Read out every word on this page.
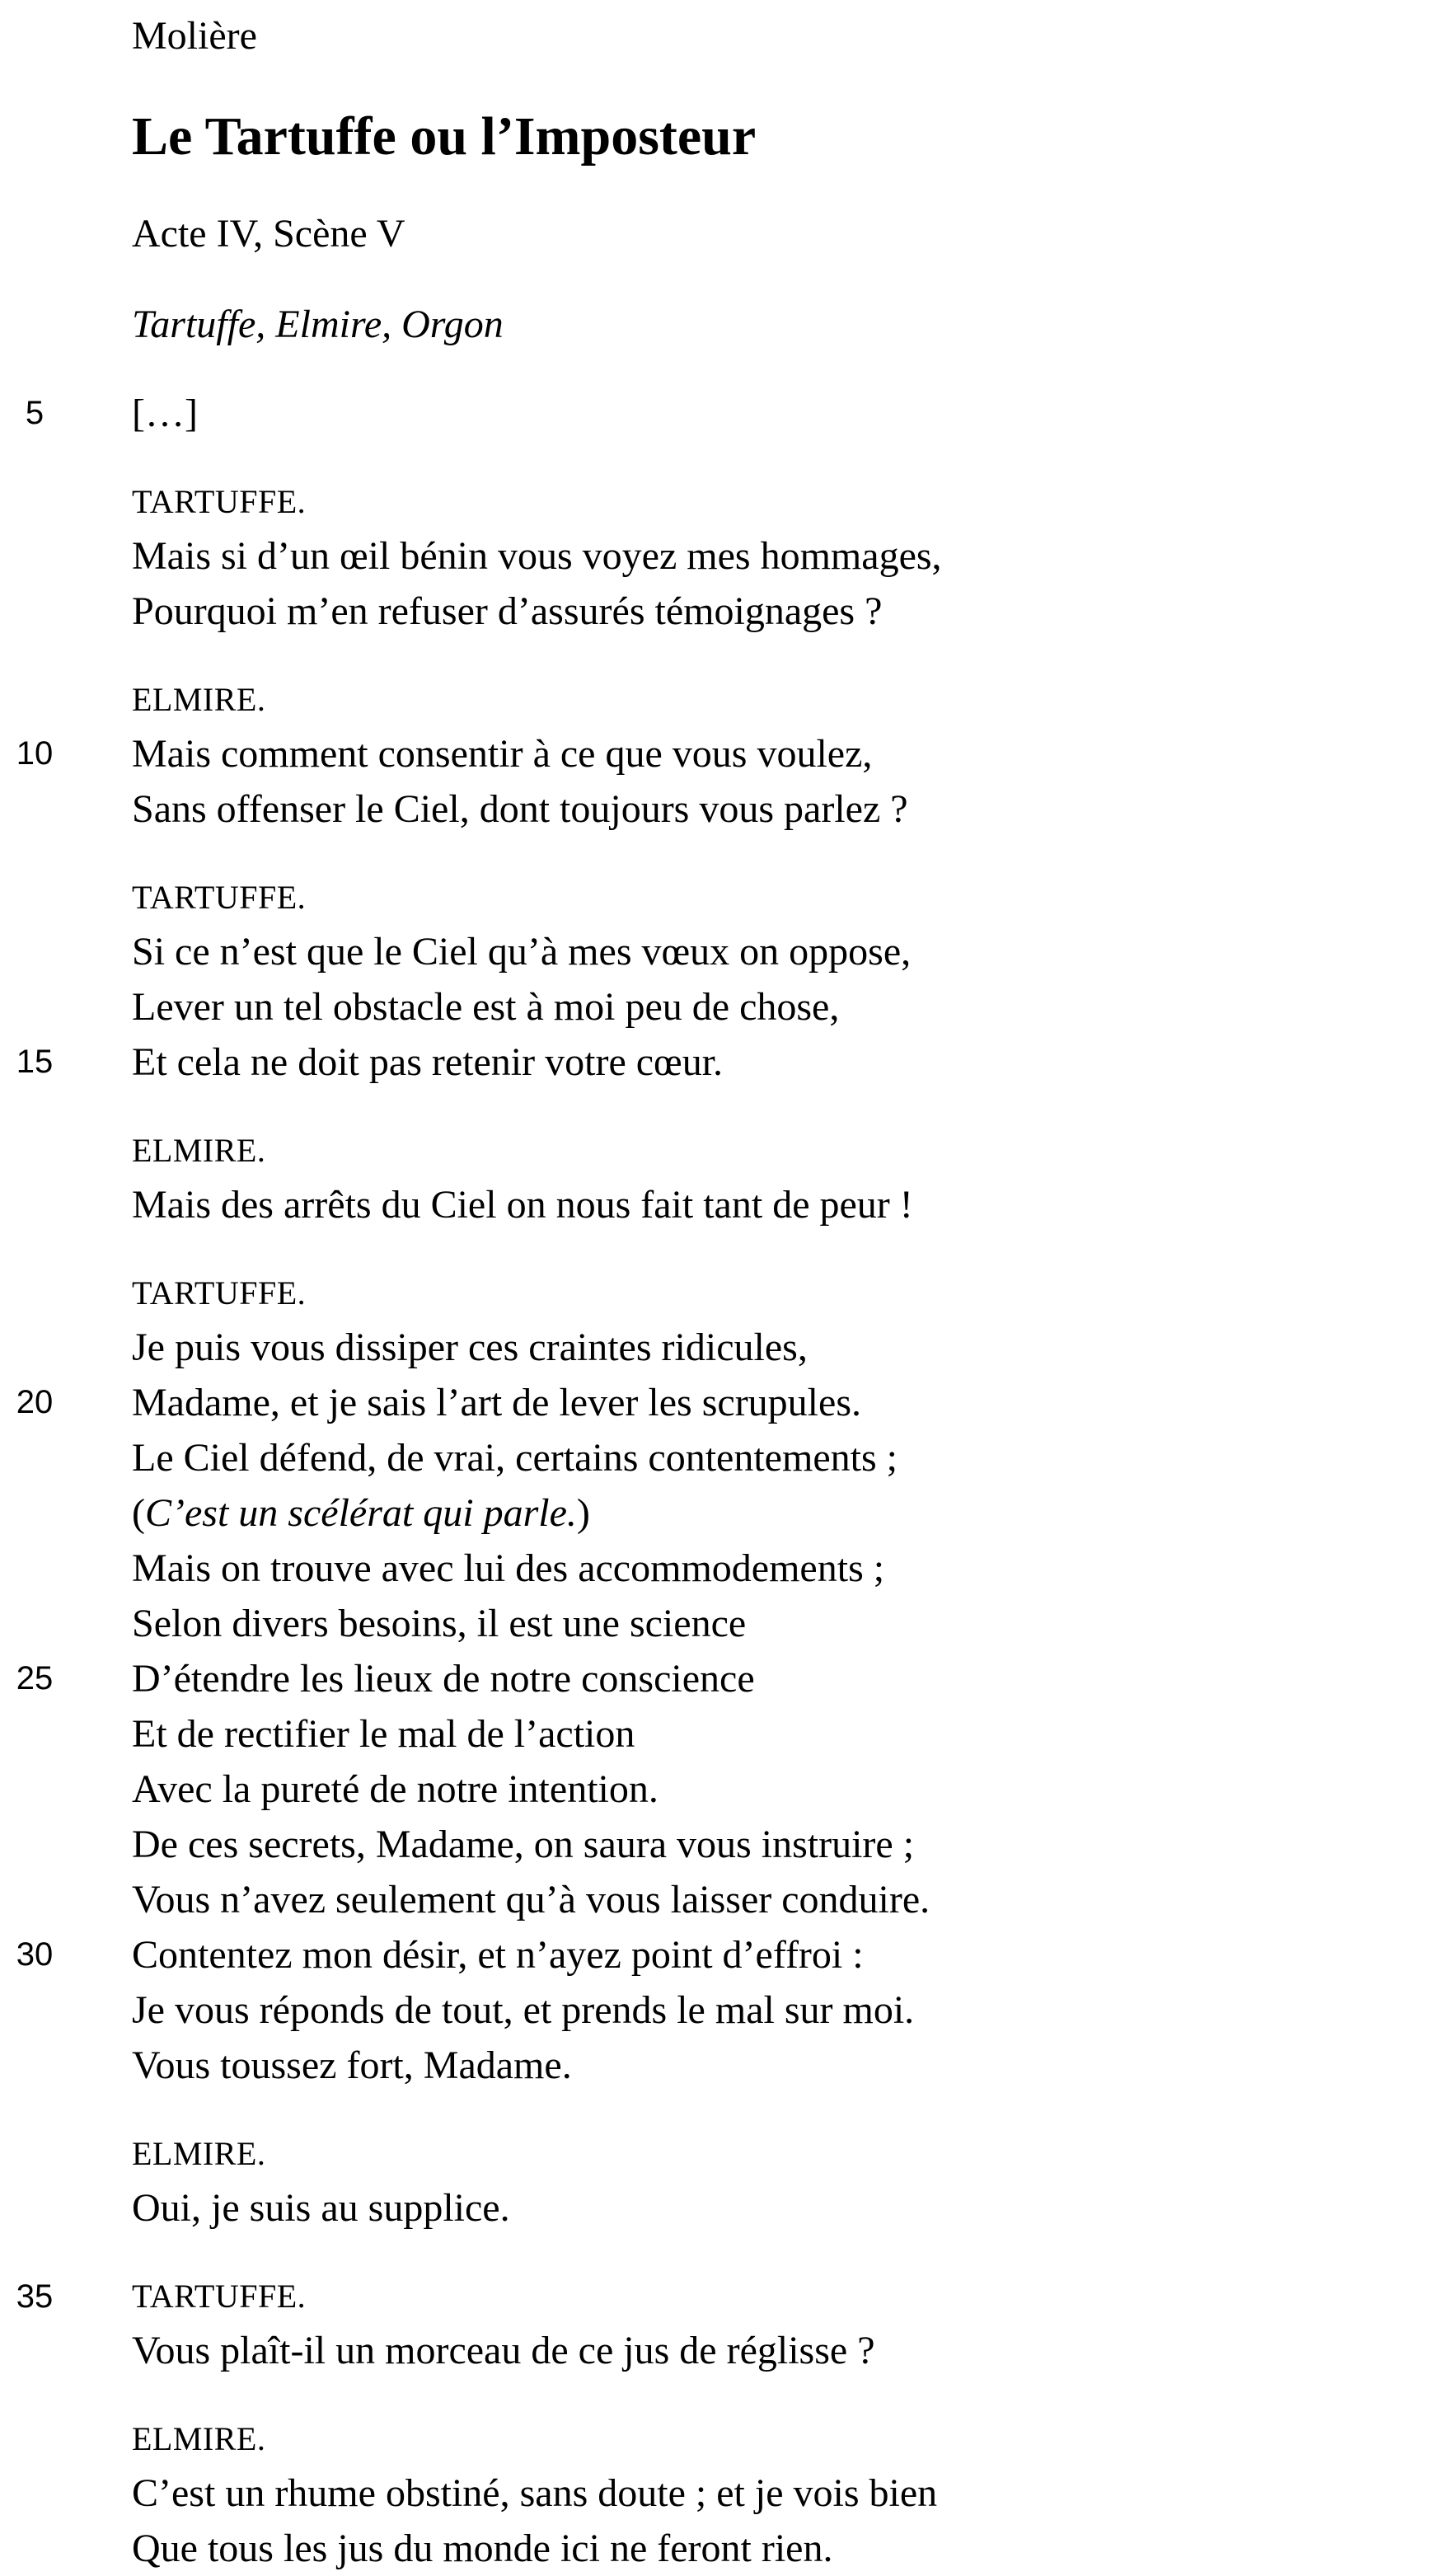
Molière

Le Tartuffe ou l’Imposteur

Acte IV, Scène V

Tartuffe, Elmire, Orgon

5	[…]
TARTUFFE.
Mais si d’un œil bénin vous voyez mes hommages,
Pourquoi m’en refuser d’assurés témoignages ?
ELMIRE.
10	Mais comment consentir à ce que vous voulez,
Sans offenser le Ciel, dont toujours vous parlez ?
TARTUFFE.
Si ce n’est que le Ciel qu’à mes vœux on oppose,
Lever un tel obstacle est à moi peu de chose,
15	Et cela ne doit pas retenir votre cœur.
ELMIRE.
Mais des arrêts du Ciel on nous fait tant de peur !
TARTUFFE.
Je puis vous dissiper ces craintes ridicules,
20	Madame, et je sais l’art de lever les scrupules.
Le Ciel défend, de vrai, certains contentements ;
(C’est un scélérat qui parle.)
Mais on trouve avec lui des accommodements ;
Selon divers besoins, il est une science
25	D’étendre les lieux de notre conscience
Et de rectifier le mal de l’action
Avec la pureté de notre intention.
De ces secrets, Madame, on saura vous instruire ;
Vous n’avez seulement qu’à vous laisser conduire.
30	Contentez mon désir, et n’ayez point d’effroi :
Je vous réponds de tout, et prends le mal sur moi.
Vous toussez fort, Madame.
ELMIRE.
Oui, je suis au supplice.
35	TARTUFFE.
Vous plaît-il un morceau de ce jus de réglisse ?
ELMIRE.
C’est un rhume obstiné, sans doute ; et je vois bien
Que tous les jus du monde ici ne feront rien.
